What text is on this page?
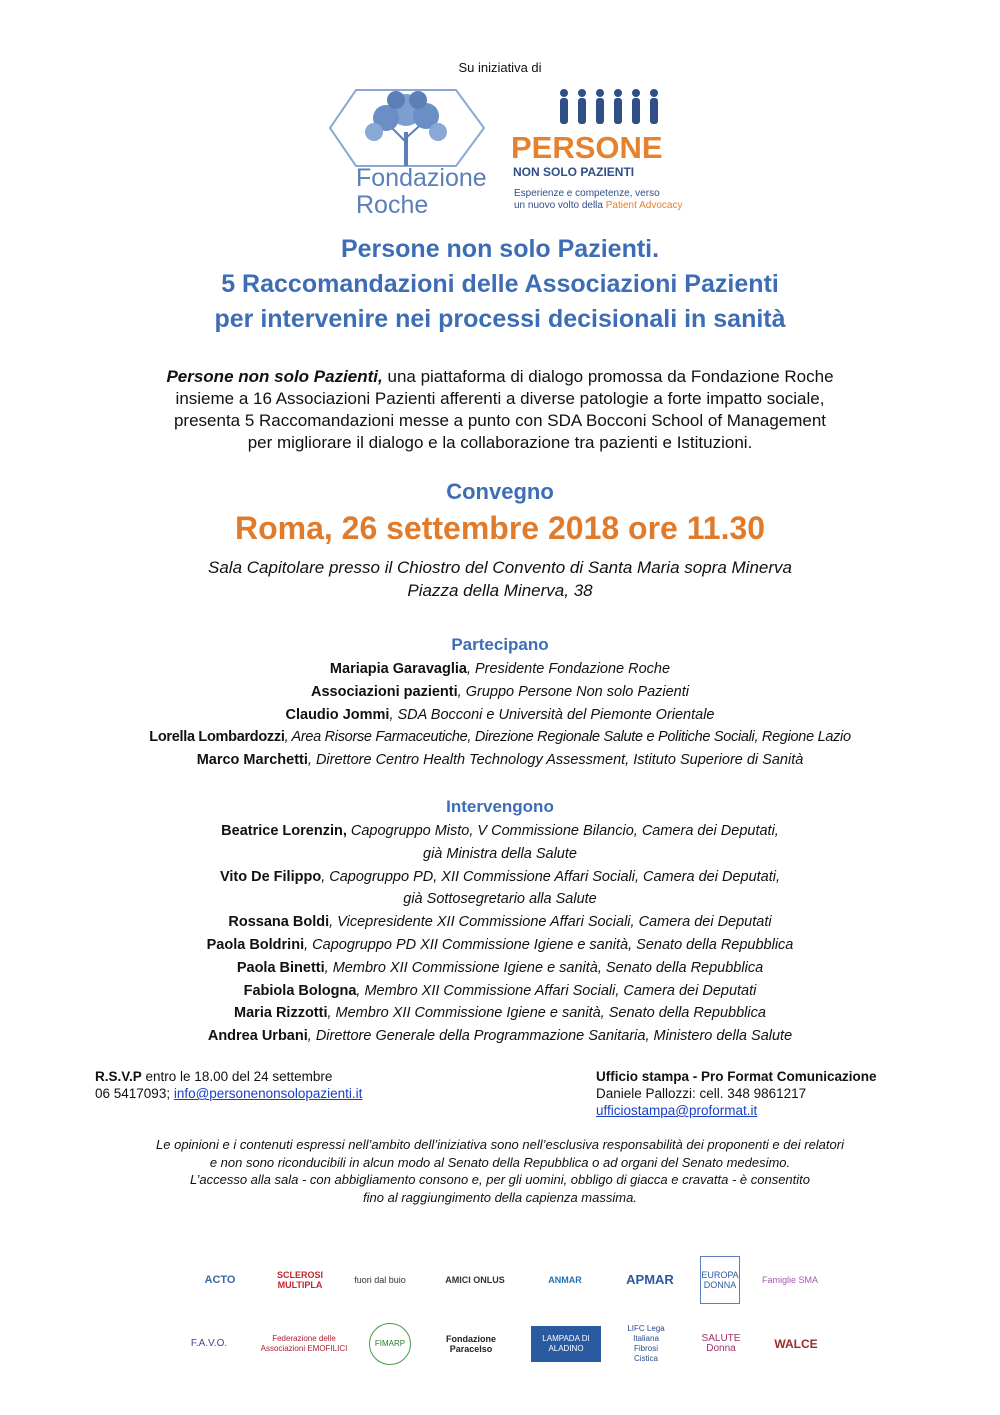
Su iniziativa di
Fondazione
Roche
PERSONE
NON SOLO PAZIENTI
Esperienze e competenze, verso
un nuovo volto della Patient Advocacy
Persone non solo Pazienti.
5 Raccomandazioni delle Associazioni Pazienti
per intervenire nei processi decisionali in sanità
Persone non solo Pazienti, una piattaforma di dialogo promossa da Fondazione Roche
insieme a 16 Associazioni Pazienti afferenti a diverse patologie a forte impatto sociale,
presenta 5 Raccomandazioni messe a punto con SDA Bocconi School of Management
per migliorare il dialogo e la collaborazione tra pazienti e Istituzioni.
Convegno
Roma, 26 settembre 2018 ore 11.30
Sala Capitolare presso il Chiostro del Convento di Santa Maria sopra Minerva
Piazza della Minerva, 38
Partecipano
Mariapia Garavaglia, Presidente Fondazione Roche
Associazioni pazienti, Gruppo Persone Non solo Pazienti
Claudio Jommi, SDA Bocconi e Università del Piemonte Orientale
Lorella Lombardozzi, Area Risorse Farmaceutiche, Direzione Regionale Salute e Politiche Sociali, Regione Lazio
Marco Marchetti, Direttore Centro Health Technology Assessment, Istituto Superiore di Sanità
Intervengono
Beatrice Lorenzin, Capogruppo Misto, V Commissione Bilancio, Camera dei Deputati,
già Ministra della Salute
Vito De Filippo, Capogruppo PD, XII Commissione Affari Sociali, Camera dei Deputati,
già Sottosegretario alla Salute
Rossana Boldi, Vicepresidente XII Commissione Affari Sociali, Camera dei Deputati
Paola Boldrini, Capogruppo PD XII Commissione Igiene e sanità, Senato della Repubblica
Paola Binetti, Membro XII Commissione Igiene e sanità, Senato della Repubblica
Fabiola Bologna, Membro XII Commissione Affari Sociali, Camera dei Deputati
Maria Rizzotti, Membro XII Commissione Igiene e sanità, Senato della Repubblica
Andrea Urbani, Direttore Generale della Programmazione Sanitaria, Ministero della Salute
R.S.V.P entro le 18.00 del 24 settembre
06 5417093; info@personenonsolopazienti.it
Ufficio stampa - Pro Format Comunicazione
Daniele Pallozzi: cell. 348 9861217
ufficiostampa@proformat.it
Le opinioni e i contenuti espressi nell’ambito dell’iniziativa sono nell’esclusiva responsabilità dei proponenti e dei relatori
e non sono riconducibili in alcun modo al Senato della Repubblica o ad organi del Senato medesimo.
L’accesso alla sala - con abbigliamento consono e, per gli uomini, obbligo di giacca e cravatta - è consentito
fino al raggiungimento della capienza massima.
ACTO	SCLEROSI MULTIPLA	fuori dal buio	AMICI ONLUS	ANMAR	APMAR	EUROPA DONNA	Famiglie SMA
F.A.V.O.	Federazione delle Associazioni EMOFILICI
FIMARP	Fondazione Paracelso
LAMPADA DI ALADINO
LIFC Lega Italiana Fibrosi Cistica
SALUTE Donna	WALCE
